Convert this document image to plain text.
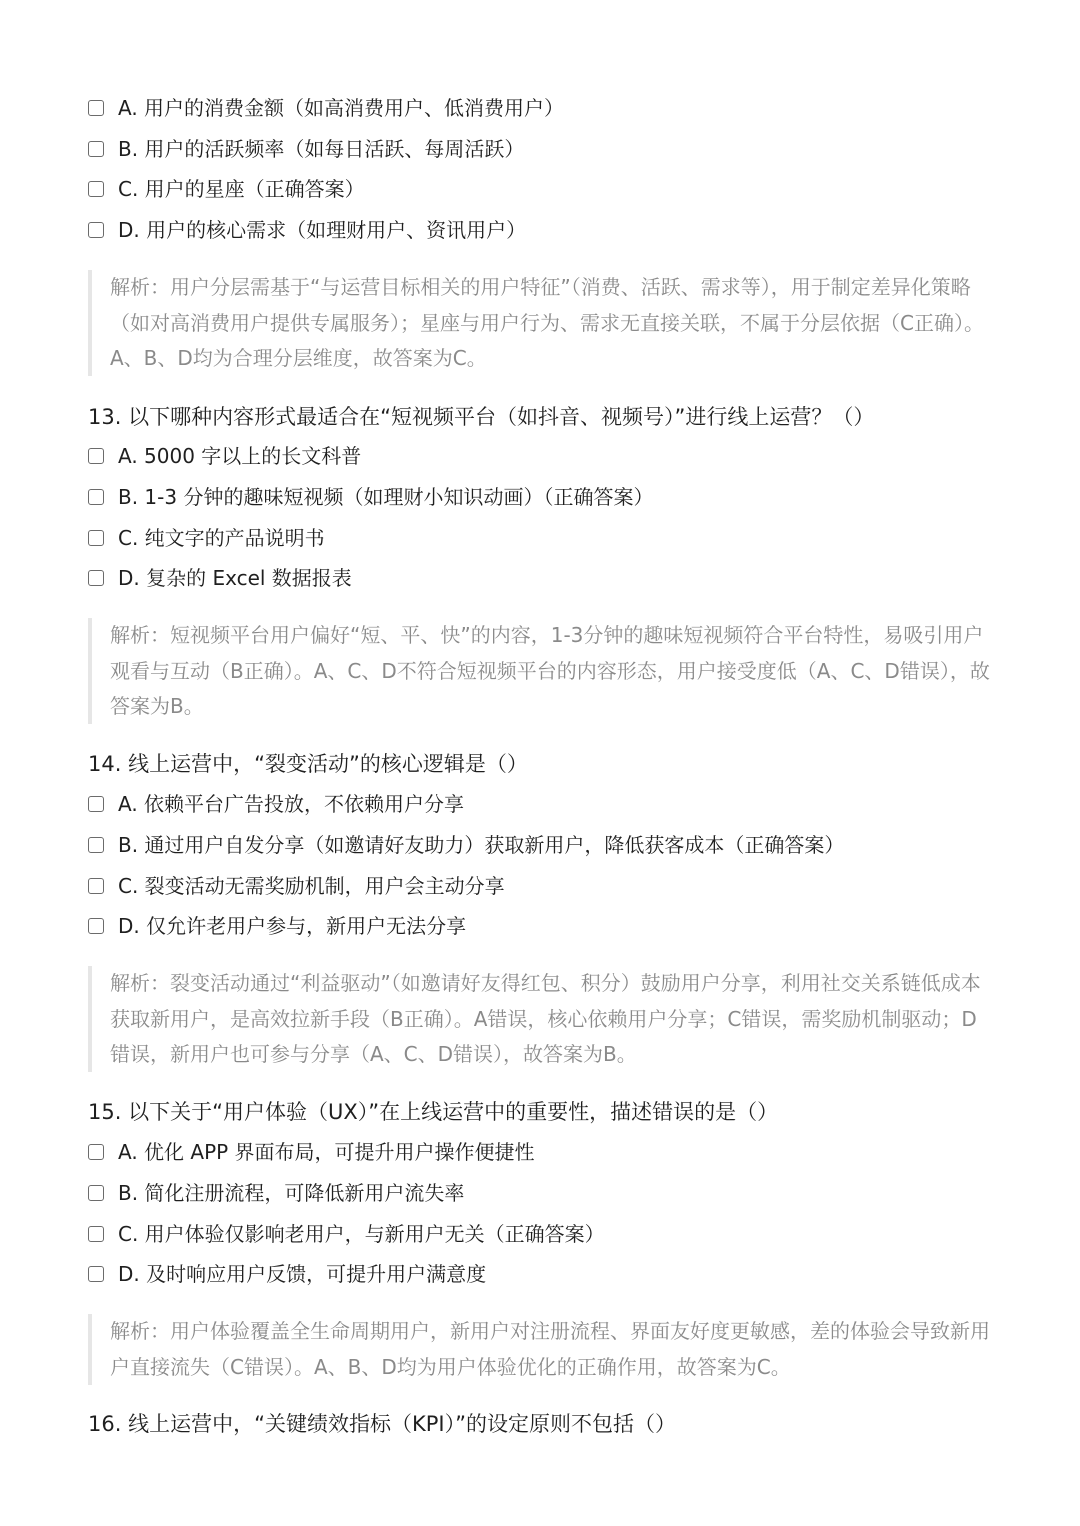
A. 用户的消费金额（如高消费用户、低消费用户）
B. 用户的活跃频率（如每日活跃、每周活跃）
C. 用户的星座（正确答案）
D. 用户的核心需求（如理财用户、资讯用户）
解析：用户分层需基于“与运营目标相关的用户特征”（消费、活跃、需求等），用于制定差异化策略（如对高消费用户提供专属服务）；星座与用户行为、需求无直接关联，不属于分层依据（C正确）。A、B、D均为合理分层维度，故答案为C。
13. 以下哪种内容形式最适合在“短视频平台（如抖音、视频号）”进行线上运营？（）
A. 5000 字以上的长文科普
B. 1-3 分钟的趣味短视频（如理财小知识动画）（正确答案）
C. 纯文字的产品说明书
D. 复杂的 Excel 数据报表
解析：短视频平台用户偏好“短、平、快”的内容，1-3分钟的趣味短视频符合平台特性，易吸引用户观看与互动（B正确）。A、C、D不符合短视频平台的内容形态，用户接受度低（A、C、D错误），故答案为B。
14. 线上运营中，“裂变活动”的核心逻辑是（）
A. 依赖平台广告投放，不依赖用户分享
B. 通过用户自发分享（如邀请好友助力）获取新用户，降低获客成本（正确答案）
C. 裂变活动无需奖励机制，用户会主动分享
D. 仅允许老用户参与，新用户无法分享
解析：裂变活动通过“利益驱动”（如邀请好友得红包、积分）鼓励用户分享，利用社交关系链低成本获取新用户，是高效拉新手段（B正确）。A错误，核心依赖用户分享；C错误，需奖励机制驱动；D错误，新用户也可参与分享（A、C、D错误），故答案为B。
15. 以下关于“用户体验（UX）”在上线运营中的重要性，描述错误的是（）
A. 优化 APP 界面布局，可提升用户操作便捷性
B. 简化注册流程，可降低新用户流失率
C. 用户体验仅影响老用户，与新用户无关（正确答案）
D. 及时响应用户反馈，可提升用户满意度
解析：用户体验覆盖全生命周期用户，新用户对注册流程、界面友好度更敏感，差的体验会导致新用户直接流失（C错误）。A、B、D均为用户体验优化的正确作用，故答案为C。
16. 线上运营中，“关键绩效指标（KPI）”的设定原则不包括（）
